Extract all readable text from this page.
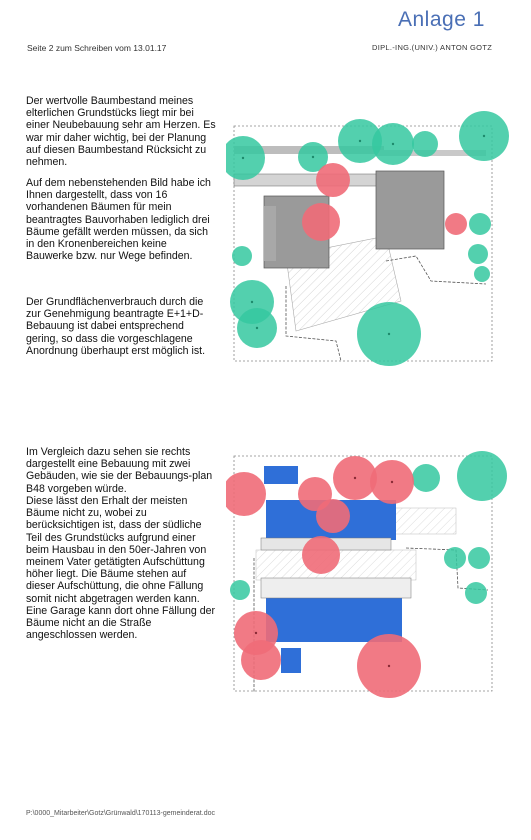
Anlage 1
Seite 2 zum Schreiben vom 13.01.17	DIPL.-ING.(UNIV.) ANTON GOTZ
Der wertvolle Baumbestand meines elterlichen Grundstücks liegt mir bei einer Neubebauung sehr am Herzen. Es war mir daher wichtig, bei der Planung auf diesen Baumbestand Rücksicht zu nehmen.
Auf dem nebenstehenden Bild habe ich Ihnen dargestellt, dass von 16 vorhandenen Bäumen für mein beantragtes Bauvorhaben lediglich drei Bäume gefällt werden müssen, da sich in den Kronenbereichen keine Bauwerke bzw. nur Wege befinden.
Der Grundflächenverbrauch durch die zur Genehmigung beantragte E+1+D-Bebauung ist dabei entsprechend gering, so dass die vorgeschlagene Anordnung überhaupt erst möglich ist.
Im Vergleich dazu sehen sie rechts dargestellt eine Bebauung mit zwei Gebäuden, wie sie der Bebauungs-plan B48 vorgeben würde.
Diese lässt den Erhalt der meisten Bäume nicht zu, wobei zu berücksichtigen ist, dass der südliche Teil des Grundstücks aufgrund einer beim Hausbau in den 50er-Jahren von meinem Vater getätigten Aufschüttung höher liegt. Die Bäume stehen auf dieser Aufschüttung, die ohne Fällung somit nicht abgetragen werden kann. Eine Garage kann dort ohne Fällung der Bäume nicht an die Straße angeschlossen werden.
P:\0000_Mitarbeiter\Gotz\Grünwald\170113-gemeinderat.doc
